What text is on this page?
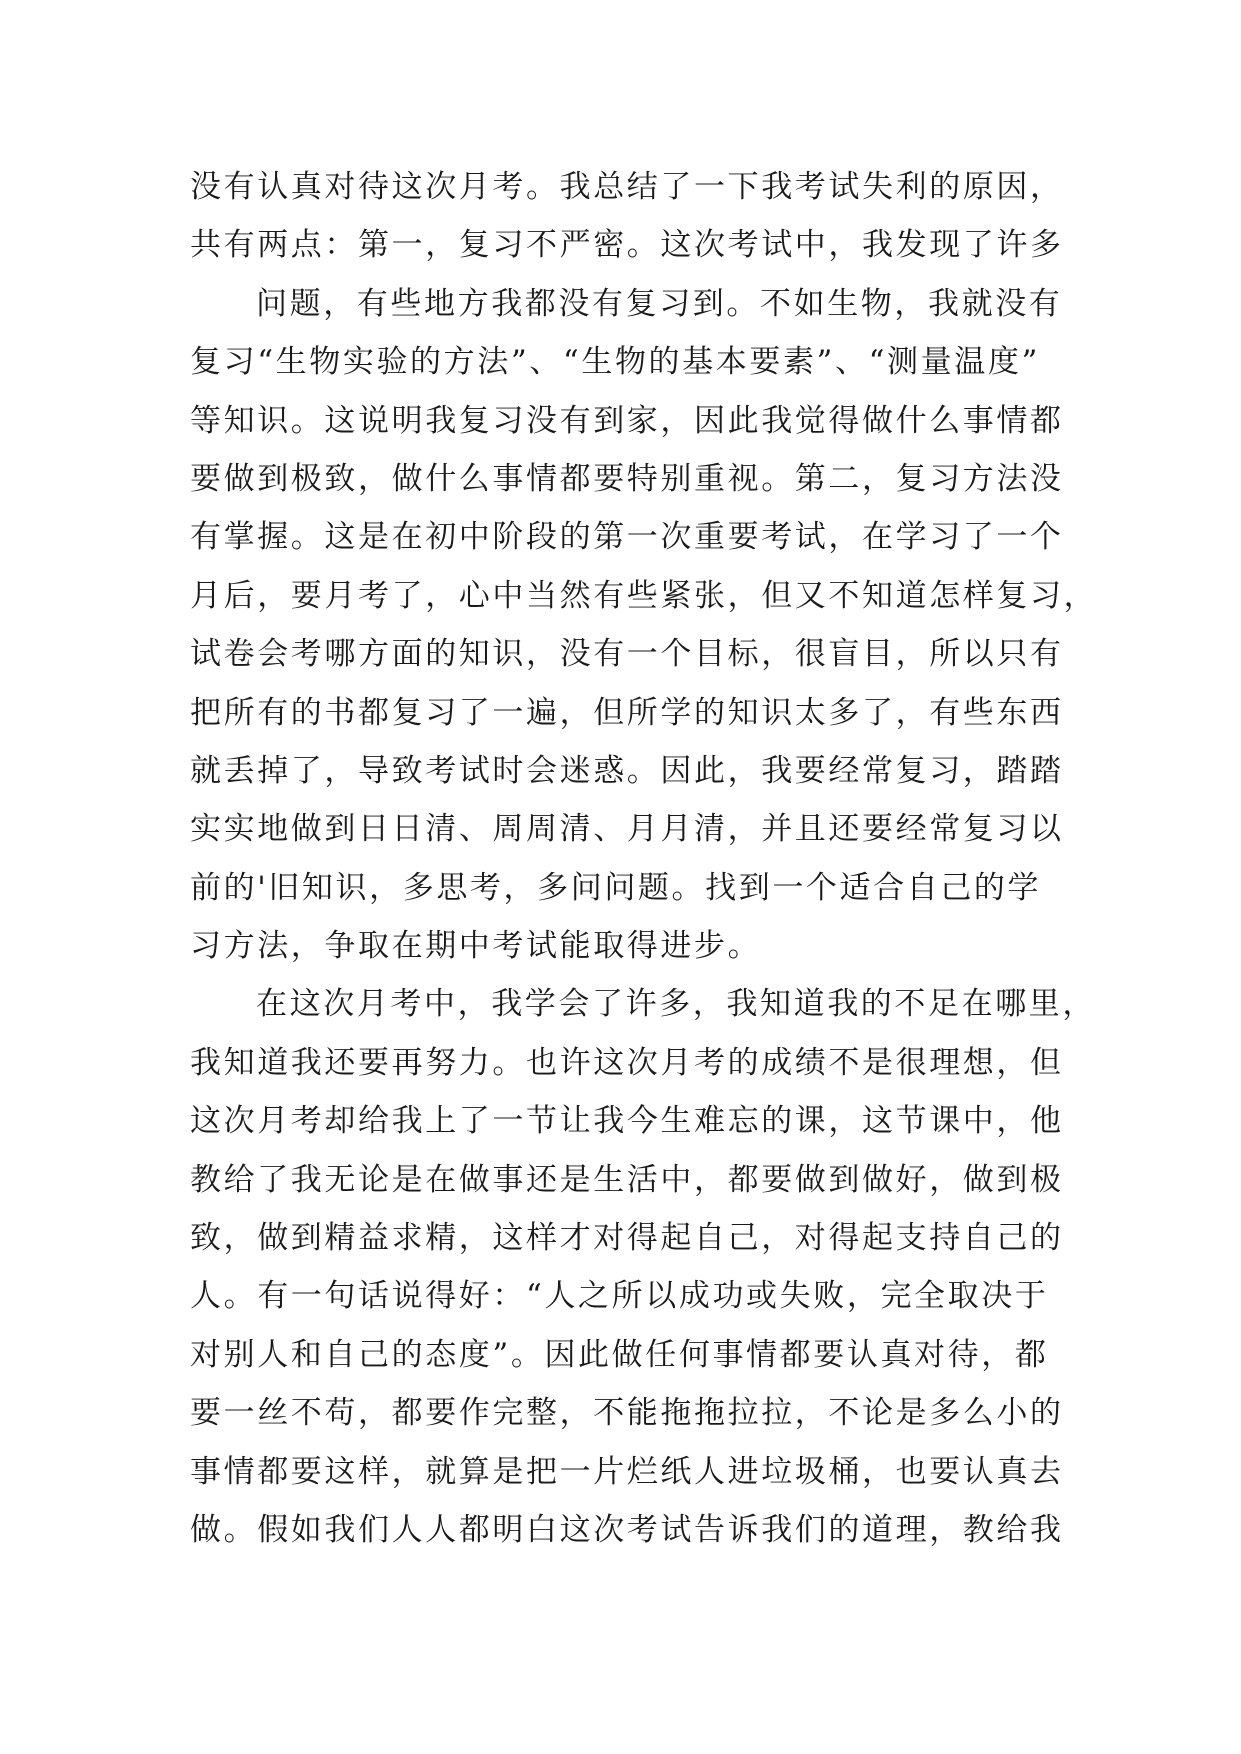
没有认真对待这次月考。我总结了一下我考试失利的原因，
共有两点：第一，复习不严密。这次考试中，我发现了许多
问题，有些地方我都没有复习到。不如生物，我就没有
复习“生物实验的方法”、“生物的基本要素”、“测量温度”
等知识。这说明我复习没有到家，因此我觉得做什么事情都
要做到极致，做什么事情都要特别重视。第二，复习方法没
有掌握。这是在初中阶段的第一次重要考试，在学习了一个
月后，要月考了，心中当然有些紧张，但又不知道怎样复习，
试卷会考哪方面的知识，没有一个目标，很盲目，所以只有
把所有的书都复习了一遍，但所学的知识太多了，有些东西
就丢掉了，导致考试时会迷惑。因此，我要经常复习，踏踏
实实地做到日日清、周周清、月月清，并且还要经常复习以
前的'旧知识，多思考，多问问题。找到一个适合自己的学
习方法，争取在期中考试能取得进步。
在这次月考中，我学会了许多，我知道我的不足在哪里，
我知道我还要再努力。也许这次月考的成绩不是很理想，但
这次月考却给我上了一节让我今生难忘的课，这节课中，他
教给了我无论是在做事还是生活中，都要做到做好，做到极
致，做到精益求精，这样才对得起自己，对得起支持自己的
人。有一句话说得好：“人之所以成功或失败，完全取决于
对别人和自己的态度”。因此做任何事情都要认真对待，都
要一丝不苟，都要作完整，不能拖拖拉拉，不论是多么小的
事情都要这样，就算是把一片烂纸人进垃圾桶，也要认真去
做。假如我们人人都明白这次考试告诉我们的道理，教给我
